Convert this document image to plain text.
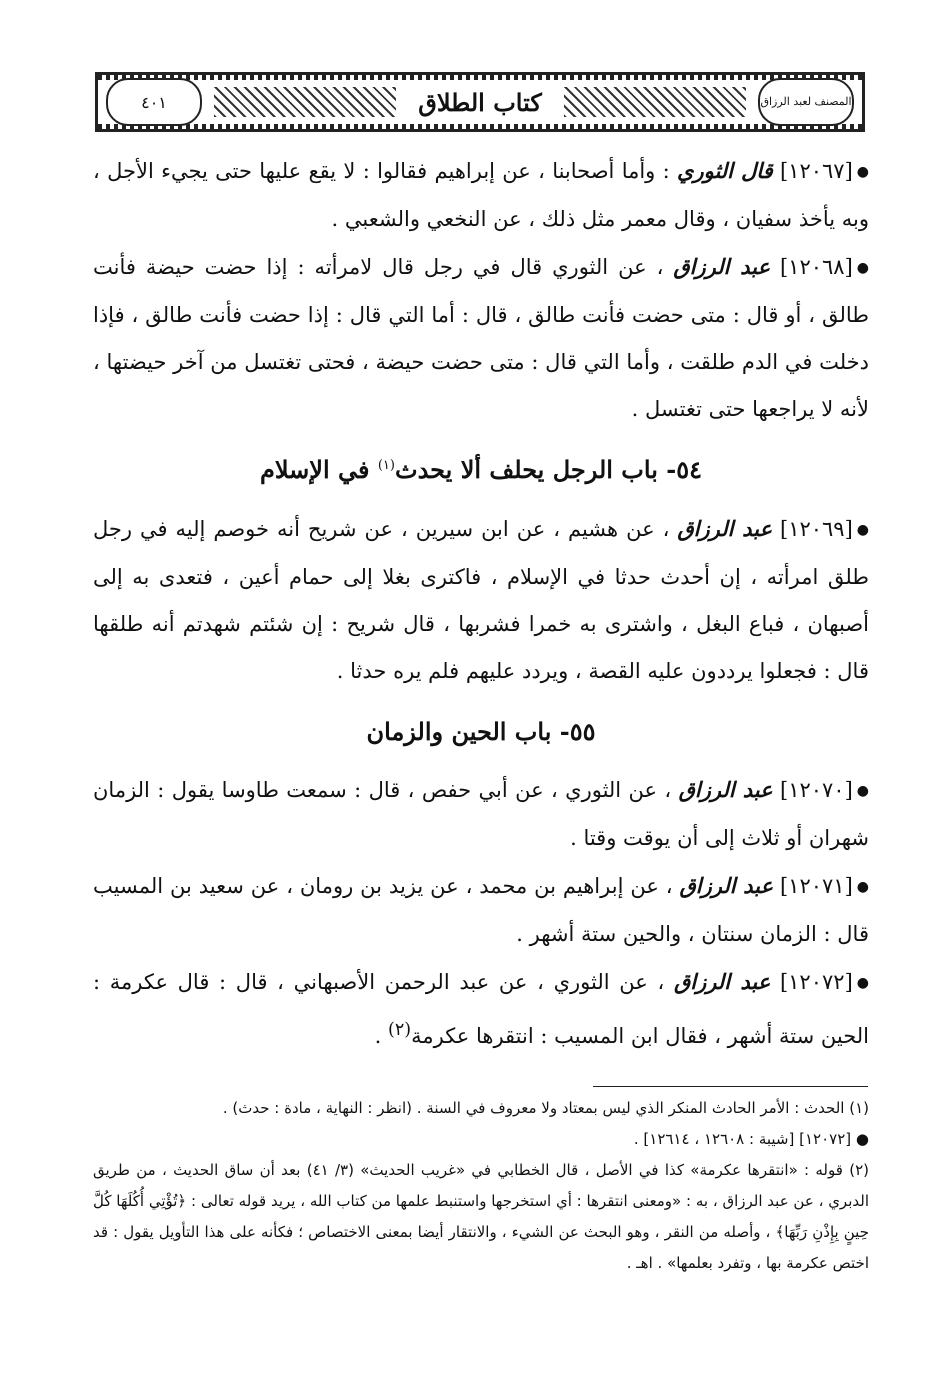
٤٠١	كتاب الطلاق	المصنف لعبد الرزاق

●[١٢٠٦٧] قال الثوري : وأما أصحابنا ، عن إبراهيم فقالوا : لا يقع عليها حتى يجيء الأجل ، وبه يأخذ سفيان ، وقال معمر مثل ذلك ، عن النخعي والشعبي .

●[١٢٠٦٨] عبد الرزاق ، عن الثوري قال في رجل قال لامرأته : إذا حضت حيضة فأنت طالق ، أو قال : متى حضت فأنت طالق ، قال : أما التي قال : إذا حضت فأنت طالق ، فإذا دخلت في الدم طلقت ، وأما التي قال : متى حضت حيضة ، فحتى تغتسل من آخر حيضتها ، لأنه لا يراجعها حتى تغتسل .

٥٤- باب الرجل يحلف ألا يحدث$^{(١)}$ في الإسلام

●[١٢٠٦٩] عبد الرزاق ، عن هشيم ، عن ابن سيرين ، عن شريح أنه خوصم إليه في رجل طلق امرأته ، إن أحدث حدثا في الإسلام ، فاكترى بغلا إلى حمام أعين ، فتعدى به إلى أصبهان ، فباع البغل ، واشترى به خمرا فشربها ، قال شريح : إن شئتم شهدتم أنه طلقها قال : فجعلوا يرددون عليه القصة ، ويردد عليهم فلم يره حدثا .

٥٥- باب الحين والزمان

●[١٢٠٧٠] عبد الرزاق ، عن الثوري ، عن أبي حفص ، قال : سمعت طاوسا يقول : الزمان شهران أو ثلاث إلى أن يوقت وقتا .

●[١٢٠٧١] عبد الرزاق ، عن إبراهيم بن محمد ، عن يزيد بن رومان ، عن سعيد بن المسيب قال : الزمان سنتان ، والحين ستة أشهر .

●[١٢٠٧٢] عبد الرزاق ، عن الثوري ، عن عبد الرحمن الأصبهاني ، قال : قال عكرمة : الحين ستة أشهر ، فقال ابن المسيب : انتقرها عكرمة$^{(٢)}$ .

(١) الحدث : الأمر الحادث المنكر الذي ليس بمعتاد ولا معروف في السنة . (انظر : النهاية ، مادة : حدث) .

● [١٢٠٧٢] [شيبة : ١٢٦٠٨ ، ١٢٦١٤] .

(٢) قوله : «انتقرها عكرمة» كذا في الأصل ، قال الخطابي في «غريب الحديث» (٣/ ٤١) بعد أن ساق الحديث ، من طريق الدبري ، عن عبد الرزاق ، به : «ومعنى انتقرها : أي استخرجها واستنبط علمها من كتاب الله ، يريد قوله تعالى : ﴿تُؤْتِي أُكُلَهَا كُلَّ حِينٍ بِإِذْنِ رَبِّهَا﴾ ، وأصله من النقر ، وهو البحث عن الشيء ، والانتقار أيضا بمعنى الاختصاص ؛ فكأنه على هذا التأويل يقول : قد اختص عكرمة بها ، وتفرد بعلمها» . اهـ .
